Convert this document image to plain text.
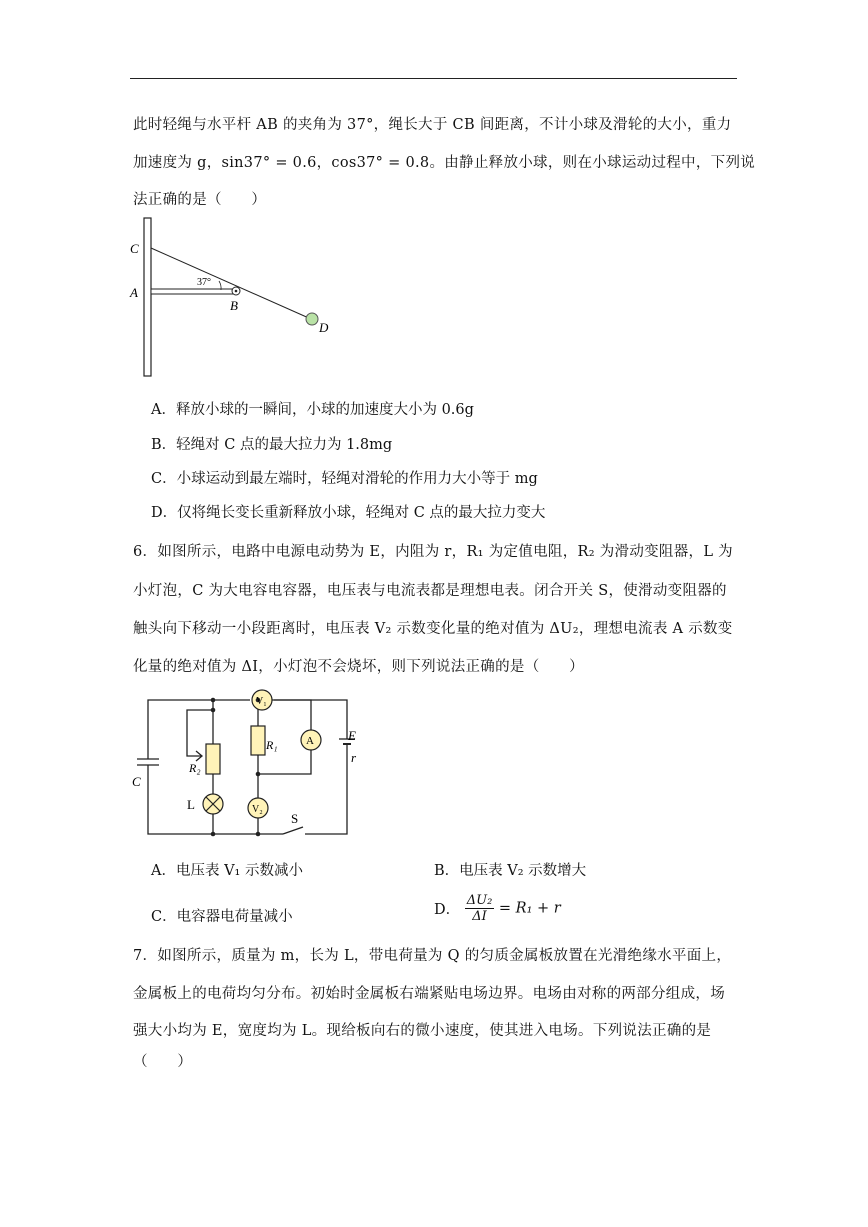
此时轻绳与水平杆 AB 的夹角为 37°，绳长大于 CB 间距离，不计小球及滑轮的大小，重力
加速度为 g，sin37° = 0.6，cos37° = 0.8。由静止释放小球，则在小球运动过程中，下列说
法正确的是（　　）
C
A
B
D
37°
A．释放小球的一瞬间，小球的加速度大小为 0.6g
B．轻绳对 C 点的最大拉力为 1.8mg
C．小球运动到最左端时，轻绳对滑轮的作用力大小等于 mg
D．仅将绳长变长重新释放小球，轻绳对 C 点的最大拉力变大
6．如图所示，电路中电源电动势为 E，内阻为 r，R₁ 为定值电阻，R₂ 为滑动变阻器，L 为
小灯泡，C 为大电容电容器，电压表与电流表都是理想电表。闭合开关 S，使滑动变阻器的
触头向下移动一小段距离时，电压表 V₂ 示数变化量的绝对值为 ΔU₂，理想电流表 A 示数变
化量的绝对值为 ΔI，小灯泡不会烧坏，则下列说法正确的是（　　）
V₁
A
V₂
R₁
R₂
E
r
C
L
S
A．电压表 V₁ 示数减小	B．电压表 V₂ 示数增大
C．电容器电荷量减小	D． $\frac{\text{ΔU₂}}{\Delta I} = R_1 + r$
7．如图所示，质量为 m，长为 L，带电荷量为 Q 的匀质金属板放置在光滑绝缘水平面上，
金属板上的电荷均匀分布。初始时金属板右端紧贴电场边界。电场由对称的两部分组成，场
强大小均为 E，宽度均为 L。现给板向右的微小速度，使其进入电场。下列说法正确的是
（　　）
